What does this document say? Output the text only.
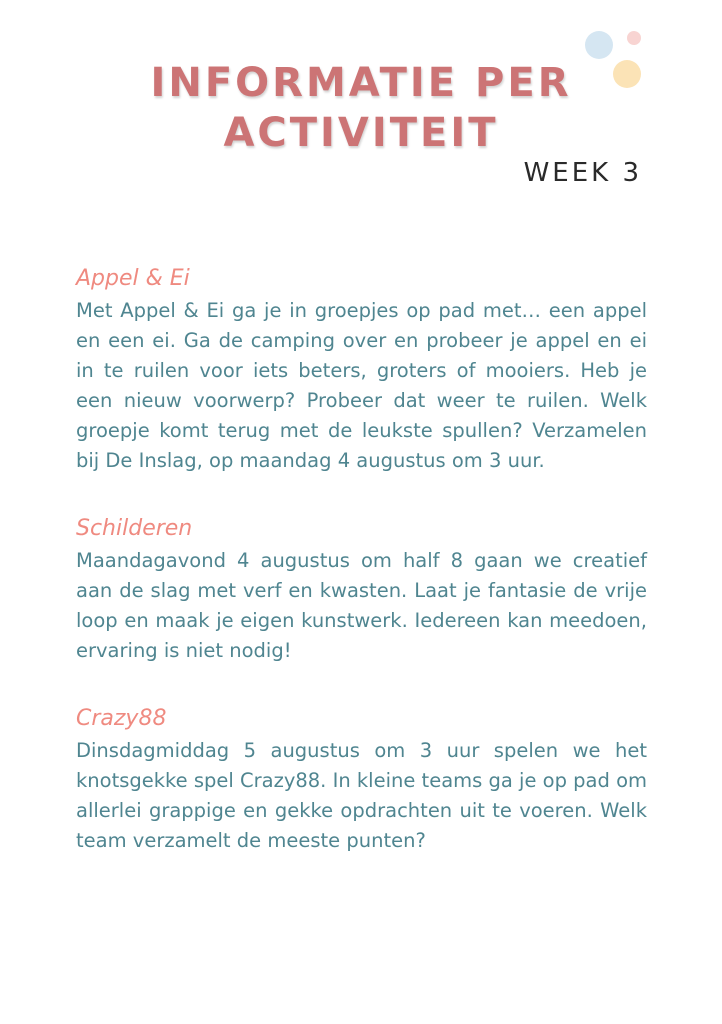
INFORMATIE PER
ACTIVITEIT
WEEK 3
Appel & Ei

Met Appel & Ei ga je in groepjes op pad met… een appel en een ei. Ga de camping over en probeer je appel en ei in te ruilen voor iets beters, groters of mooiers. Heb je een nieuw voorwerp? Probeer dat weer te ruilen. Welk groepje komt terug met de leukste spullen? Verzamelen bij De Inslag, op maandag 4 augustus om 3 uur.

Schilderen

Maandagavond 4 augustus om half 8 gaan we creatief aan de slag met verf en kwasten. Laat je fantasie de vrije loop en maak je eigen kunstwerk. Iedereen kan meedoen, ervaring is niet nodig!

Crazy88

Dinsdagmiddag 5 augustus om 3 uur spelen we het knotsgekke spel Crazy88. In kleine teams ga je op pad om allerlei grappige en gekke opdrachten uit te voeren. Welk team verzamelt de meeste punten?
